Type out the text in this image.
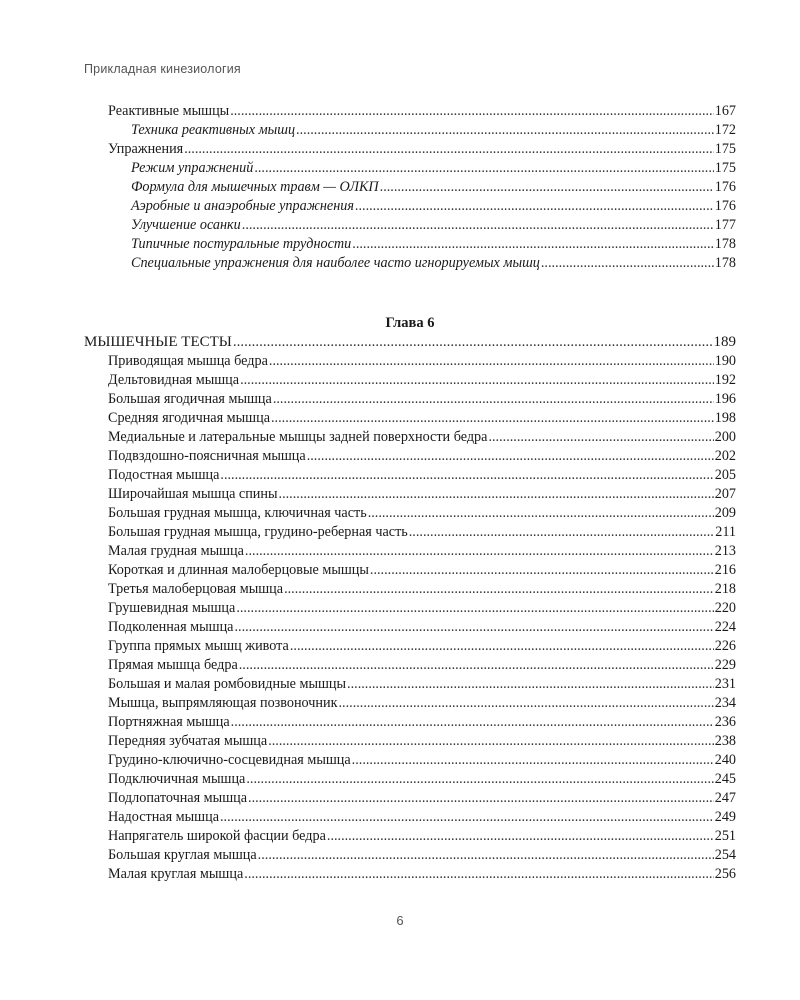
Прикладная кинезиология
Реактивные мышцы .....	167
Техника реактивных мышц .....	172
Упражнения .....	175
Режим упражнений .....	175
Формула для мышечных травм — ОЛКП .....	176
Аэробные и анаэробные упражнения .....	176
Улучшение осанки .....	177
Типичные постуральные трудности .....	178
Специальные упражнения для наиболее часто игнорируемых мышц .....	178
Глава 6
МЫШЕЧНЫЕ ТЕСТЫ .....	189
Приводящая мышца бедра .....	190
Дельтовидная мышца .....	192
Большая ягодичная мышца .....	196
Средняя ягодичная мышца .....	198
Медиальные и латеральные мышцы задней поверхности бедра .....	200
Подвздошно-поясничная мышца .....	202
Подостная мышца .....	205
Широчайшая мышца спины .....	207
Большая грудная мышца, ключичная часть .....	209
Большая грудная мышца, грудино-реберная часть .....	211
Малая грудная мышца .....	213
Короткая и длинная малоберцовые мышцы .....	216
Третья малоберцовая мышца .....	218
Грушевидная мышца .....	220
Подколенная мышца .....	224
Группа прямых мышц живота .....	226
Прямая мышца бедра .....	229
Большая и малая ромбовидные мышцы .....	231
Мышца, выпрямляющая позвоночник .....	234
Портняжная мышца .....	236
Передняя зубчатая мышца .....	238
Грудино-ключично-сосцевидная мышца .....	240
Подключичная мышца .....	245
Подлопаточная мышца .....	247
Надостная мышца .....	249
Напрягатель широкой фасции бедра .....	251
Большая круглая мышца .....	254
Малая круглая мышца .....	256
6
